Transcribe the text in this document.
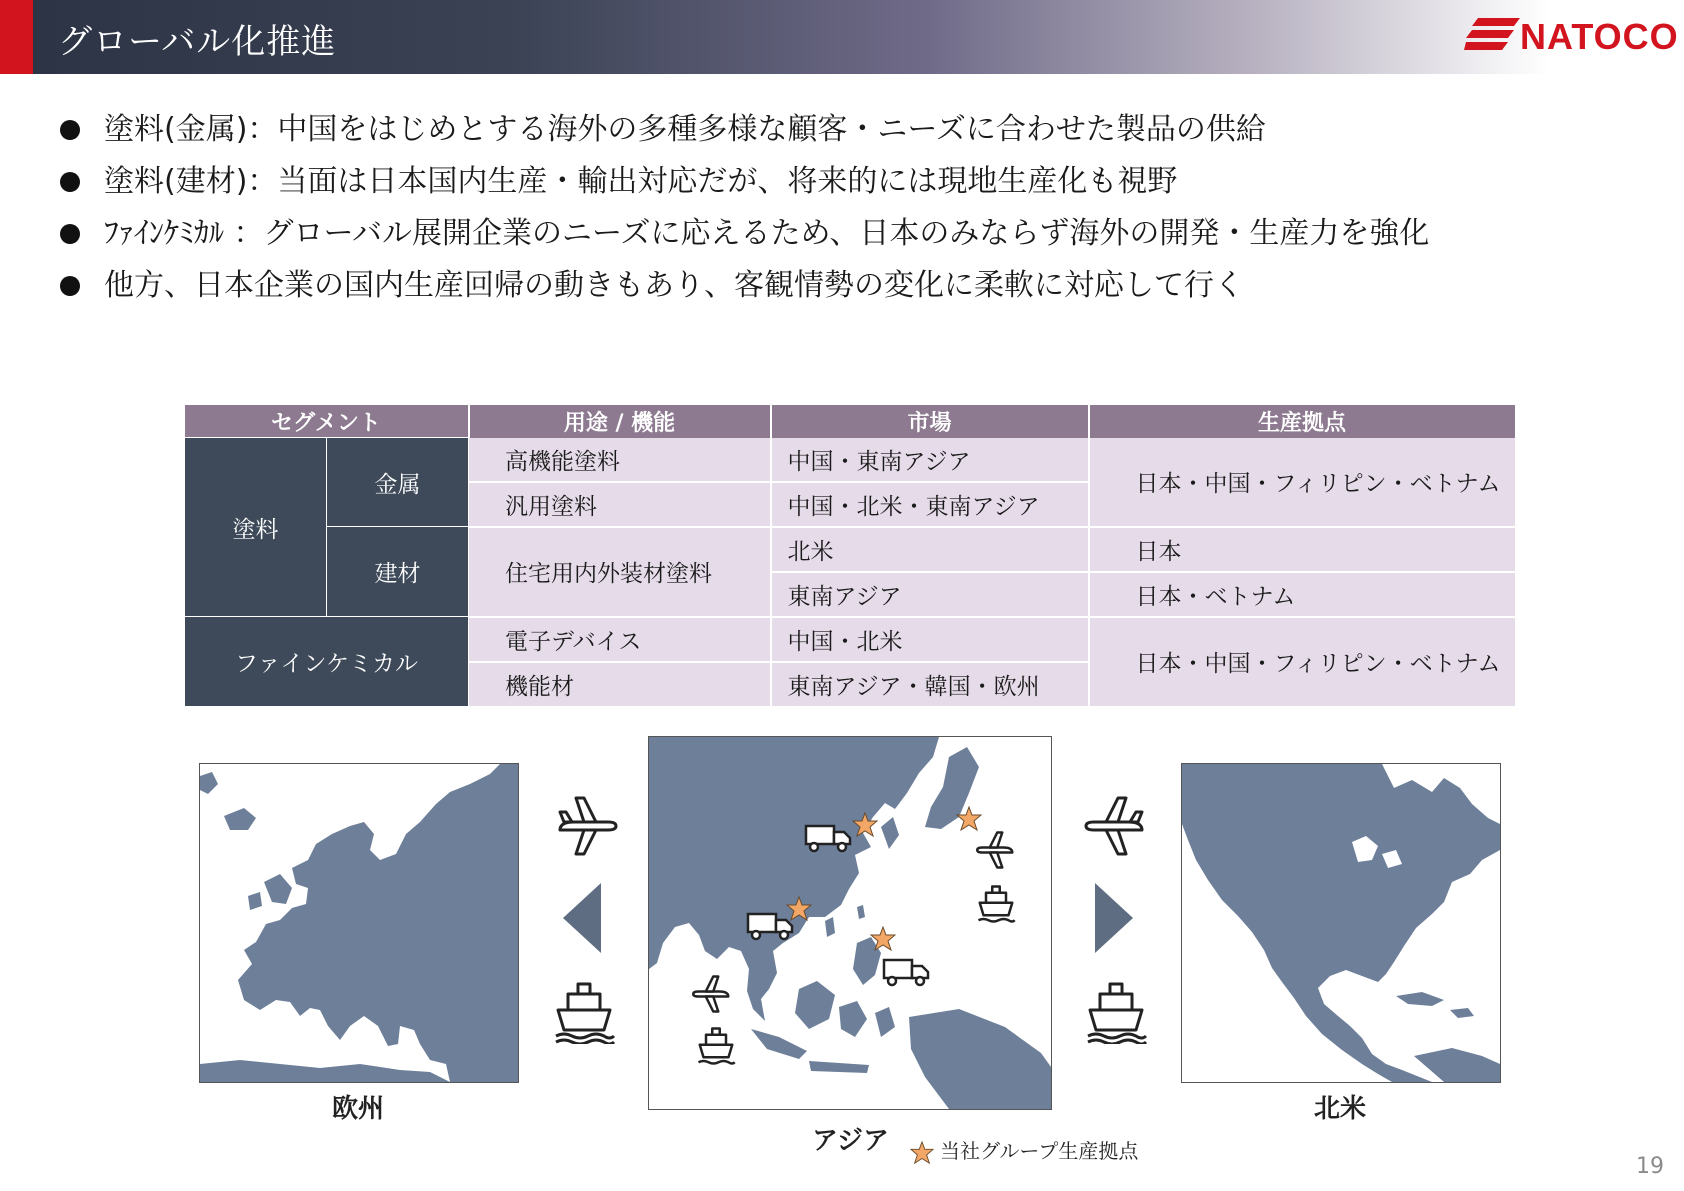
グローバル化推進	NATOCO
塗料(金属)：中国をはじめとする海外の多種多様な顧客・ニーズに合わせた製品の供給
塗料(建材)：当面は日本国内生産・輸出対応だが、将来的には現地生産化も視野
ﾌｧｲﾝｹﾐｶﾙ ：グローバル展開企業のニーズに応えるため、日本のみならず海外の開発・生産力を強化
他方、日本企業の国内生産回帰の動きもあり、客観情勢の変化に柔軟に対応して行く
セグメント		用途 / 機能	市場	生産拠点
塗料	金属	高機能塗料	中国・東南アジア	日本・中国・フィリピン・ベトナム
		汎用塗料	中国・北米・東南アジア	
	建材	住宅用内外装材塗料	北米	日本
			東南アジア	日本・ベトナム
ファインケミカル		電子デバイス	中国・北米	日本・中国・フィリピン・ベトナム
		機能材	東南アジア・韓国・欧州	
欧州
アジア
北米
当社グループ生産拠点
19
